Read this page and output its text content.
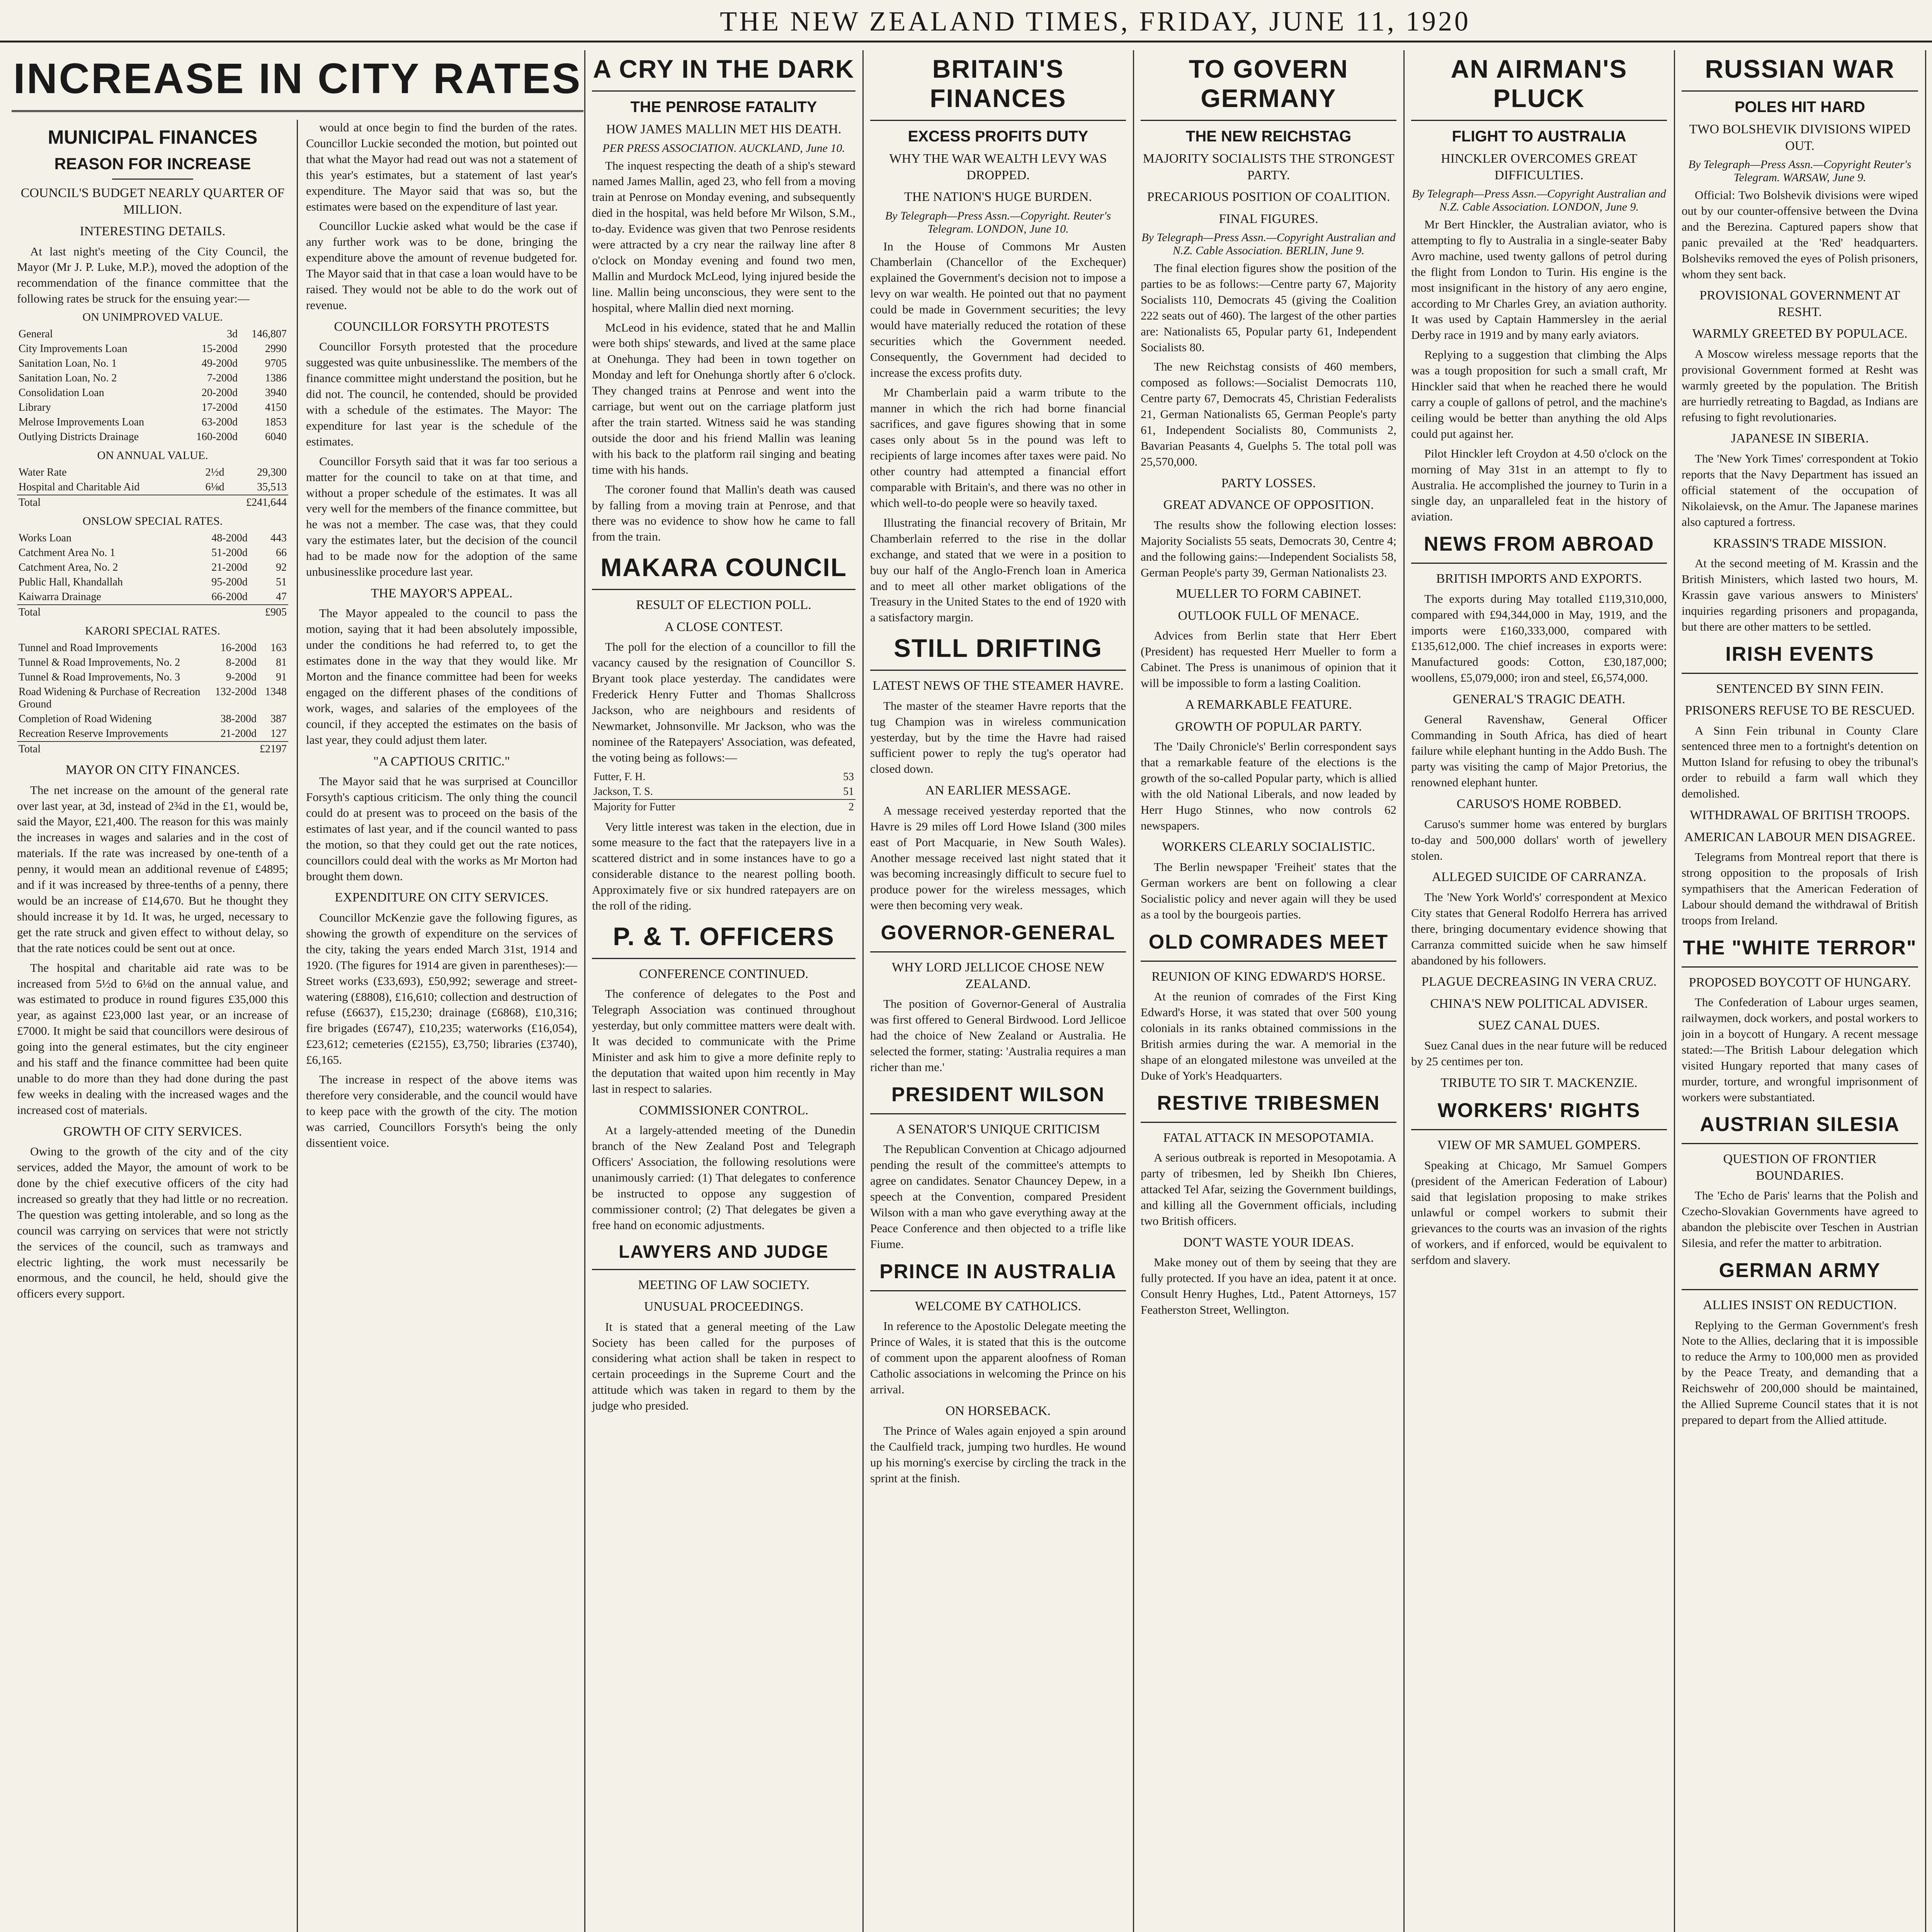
THE NEW ZEALAND TIMES, FRIDAY, JUNE 11, 1920
INCREASE IN CITY RATES
MUNICIPAL FINANCES
REASON FOR INCREASE
COUNCIL'S BUDGET NEARLY QUARTER OF MILLION.
INTERESTING DETAILS.

At last night's meeting of the City Council, the Mayor (Mr J. P. Luke, M.P.), moved the adoption of the recommendation of the finance committee that the following rates be struck for the ensuing year:—

ON UNIMPROVED VALUE.
General	3d	146,807
City Improvements Loan	15-200d	2990
Sanitation Loan, No. 1	49-200d	9705
Sanitation Loan, No. 2	7-200d	1386
Consolidation Loan	20-200d	3940
Library	17-200d	4150
Melrose Improvements Loan	63-200d	1853
Outlying Districts Drainage	160-200d	6040
ON ANNUAL VALUE.
Water Rate	2½d	29,300
Hospital and Charitable Aid	6⅛d	35,513
Total		£241,644
ONSLOW SPECIAL RATES.
Works Loan	48-200d	443
Catchment Area No. 1	51-200d	66
Catchment Area, No. 2	21-200d	92
Public Hall, Khandallah	95-200d	51
Kaiwarra Drainage	66-200d	47
Total		£905
KARORI SPECIAL RATES.
Tunnel and Road Improvements	16-200d	163
Tunnel & Road Improvements, No. 2	8-200d	81
Tunnel & Road Improvements, No. 3	9-200d	91
Road Widening & Purchase of Recreation Ground	132-200d	1348
Completion of Road Widening	38-200d	387
Recreation Reserve Improvements	21-200d	127
Total		£2197
MAYOR ON CITY FINANCES.

The net increase on the amount of the general rate over last year, at 3d, instead of 2¾d in the £1, would be, said the Mayor, £21,400. The reason for this was mainly the increases in wages and salaries and in the cost of materials. If the rate was increased by one-tenth of a penny, it would mean an additional revenue of £4895; and if it was increased by three-tenths of a penny, there would be an increase of £14,670. But he thought they should increase it by 1d. It was, he urged, necessary to get the rate struck and given effect to without delay, so that the rate notices could be sent out at once.

The hospital and charitable aid rate was to be increased from 5½d to 6⅛d on the annual value, and was estimated to produce in round figures £35,000 this year, as against £23,000 last year, or an increase of £7000. It might be said that councillors were desirous of going into the general estimates, but the city engineer and his staff and the finance committee had been quite unable to do more than they had done during the past few weeks in dealing with the increased wages and the increased cost of materials.

GROWTH OF CITY SERVICES.

Owing to the growth of the city and of the city services, added the Mayor, the amount of work to be done by the chief executive officers of the city had increased so greatly that they had little or no recreation. The question was getting intolerable, and so long as the council was carrying on services that were not strictly the services of the council, such as tramways and electric lighting, the work must necessarily be enormous, and the council, he held, should give the officers every support.

would at once begin to find the burden of the rates. Councillor Luckie seconded the motion, but pointed out that what the Mayor had read out was not a statement of this year's estimates, but a statement of last year's expenditure. The Mayor said that was so, but the estimates were based on the expenditure of last year.

Councillor Luckie asked what would be the case if any further work was to be done, bringing the expenditure above the amount of revenue budgeted for. The Mayor said that in that case a loan would have to be raised. They would not be able to do the work out of revenue.

COUNCILLOR FORSYTH PROTESTS

Councillor Forsyth protested that the procedure suggested was quite unbusinesslike. The members of the finance committee might understand the position, but he did not. The council, he contended, should be provided with a schedule of the estimates. The Mayor: The expenditure for last year is the schedule of the estimates.

Councillor Forsyth said that it was far too serious a matter for the council to take on at that time, and without a proper schedule of the estimates. It was all very well for the members of the finance committee, but he was not a member. The case was, that they could vary the estimates later, but the decision of the council had to be made now for the adoption of the same unbusinesslike procedure last year.

THE MAYOR'S APPEAL.

The Mayor appealed to the council to pass the motion, saying that it had been absolutely impossible, under the conditions he had referred to, to get the estimates done in the way that they would like. Mr Morton and the finance committee had been for weeks engaged on the different phases of the conditions of work, wages, and salaries of the employees of the council, if they accepted the estimates on the basis of last year, they could adjust them later.

"A CAPTIOUS CRITIC."

The Mayor said that he was surprised at Councillor Forsyth's captious criticism. The only thing the council could do at present was to proceed on the basis of the estimates of last year, and if the council wanted to pass the motion, so that they could get out the rate notices, councillors could deal with the works as Mr Morton had brought them down.

EXPENDITURE ON CITY SERVICES.

Councillor McKenzie gave the following figures, as showing the growth of expenditure on the services of the city, taking the years ended March 31st, 1914 and 1920. (The figures for 1914 are given in parentheses):—Street works (£33,693), £50,992; sewerage and street-watering (£8808), £16,610; collection and destruction of refuse (£6637), £15,230; drainage (£6868), £10,316; fire brigades (£6747), £10,235; waterworks (£16,054), £23,612; cemeteries (£2155), £3,750; libraries (£3740), £6,165.

The increase in respect of the above items was therefore very considerable, and the council would have to keep pace with the growth of the city. The motion was carried, Councillors Forsyth's being the only dissentient voice.

A CRY IN THE DARK
THE PENROSE FATALITY
HOW JAMES MALLIN MET HIS DEATH.
PER PRESS ASSOCIATION. AUCKLAND, June 10.

The inquest respecting the death of a ship's steward named James Mallin, aged 23, who fell from a moving train at Penrose on Monday evening, and subsequently died in the hospital, was held before Mr Wilson, S.M., to-day. Evidence was given that two Penrose residents were attracted by a cry near the railway line after 8 o'clock on Monday evening and found two men, Mallin and Murdock McLeod, lying injured beside the line. Mallin being unconscious, they were sent to the hospital, where Mallin died next morning.

McLeod in his evidence, stated that he and Mallin were both ships' stewards, and lived at the same place at Onehunga. They had been in town together on Monday and left for Onehunga shortly after 6 o'clock. They changed trains at Penrose and went into the carriage, but went out on the carriage platform just after the train started. Witness said he was standing outside the door and his friend Mallin was leaning with his back to the platform rail singing and beating time with his hands.

The coroner found that Mallin's death was caused by falling from a moving train at Penrose, and that there was no evidence to show how he came to fall from the train.

MAKARA COUNCIL
RESULT OF ELECTION POLL.
A CLOSE CONTEST.

The poll for the election of a councillor to fill the vacancy caused by the resignation of Councillor S. Bryant took place yesterday. The candidates were Frederick Henry Futter and Thomas Shallcross Jackson, who are neighbours and residents of Newmarket, Johnsonville. Mr Jackson, who was the nominee of the Ratepayers' Association, was defeated, the voting being as follows:—

Futter, F. H.	53
Jackson, T. S.	51
Majority for Futter	2

Very little interest was taken in the election, due in some measure to the fact that the ratepayers live in a scattered district and in some instances have to go a considerable distance to the nearest polling booth. Approximately five or six hundred ratepayers are on the roll of the riding.

P. & T. OFFICERS
CONFERENCE CONTINUED.

The conference of delegates to the Post and Telegraph Association was continued throughout yesterday, but only committee matters were dealt with. It was decided to communicate with the Prime Minister and ask him to give a more definite reply to the deputation that waited upon him recently in May last in respect to salaries.

COMMISSIONER CONTROL.

At a largely-attended meeting of the Dunedin branch of the New Zealand Post and Telegraph Officers' Association, the following resolutions were unanimously carried: (1) That delegates to conference be instructed to oppose any suggestion of commissioner control; (2) That delegates be given a free hand on economic adjustments.

LAWYERS AND JUDGE
MEETING OF LAW SOCIETY.
UNUSUAL PROCEEDINGS.

It is stated that a general meeting of the Law Society has been called for the purposes of considering what action shall be taken in respect to certain proceedings in the Supreme Court and the attitude which was taken in regard to them by the judge who presided.

BRITAIN'S FINANCES
EXCESS PROFITS DUTY
WHY THE WAR WEALTH LEVY WAS DROPPED.
THE NATION'S HUGE BURDEN.
By Telegraph—Press Assn.—Copyright. Reuter's Telegram. LONDON, June 10.

In the House of Commons Mr Austen Chamberlain (Chancellor of the Exchequer) explained the Government's decision not to impose a levy on war wealth. He pointed out that no payment could be made in Government securities; the levy would have materially reduced the rotation of these securities which the Government needed. Consequently, the Government had decided to increase the excess profits duty.

Mr Chamberlain paid a warm tribute to the manner in which the rich had borne financial sacrifices, and gave figures showing that in some cases only about 5s in the pound was left to recipients of large incomes after taxes were paid. No other country had attempted a financial effort comparable with Britain's, and there was no other in which well-to-do people were so heavily taxed.

Illustrating the financial recovery of Britain, Mr Chamberlain referred to the rise in the dollar exchange, and stated that we were in a position to buy our half of the Anglo-French loan in America and to meet all other market obligations of the Treasury in the United States to the end of 1920 with a satisfactory margin.

STILL DRIFTING
LATEST NEWS OF THE STEAMER HAVRE.

The master of the steamer Havre reports that the tug Champion was in wireless communication yesterday, but by the time the Havre had raised sufficient power to reply the tug's operator had closed down.

AN EARLIER MESSAGE.

A message received yesterday reported that the Havre is 29 miles off Lord Howe Island (300 miles east of Port Macquarie, in New South Wales). Another message received last night stated that it was becoming increasingly difficult to secure fuel to produce power for the wireless messages, which were then becoming very weak.

GOVERNOR-GENERAL
WHY LORD JELLICOE CHOSE NEW ZEALAND.

The position of Governor-General of Australia was first offered to General Birdwood. Lord Jellicoe had the choice of New Zealand or Australia. He selected the former, stating: 'Australia requires a man richer than me.'

PRESIDENT WILSON
A SENATOR'S UNIQUE CRITICISM

The Republican Convention at Chicago adjourned pending the result of the committee's attempts to agree on candidates. Senator Chauncey Depew, in a speech at the Convention, compared President Wilson with a man who gave everything away at the Peace Conference and then objected to a trifle like Fiume.

PRINCE IN AUSTRALIA
WELCOME BY CATHOLICS.

In reference to the Apostolic Delegate meeting the Prince of Wales, it is stated that this is the outcome of comment upon the apparent aloofness of Roman Catholic associations in welcoming the Prince on his arrival.

ON HORSEBACK.

The Prince of Wales again enjoyed a spin around the Caulfield track, jumping two hurdles. He wound up his morning's exercise by circling the track in the sprint at the finish.

TO GOVERN GERMANY
THE NEW REICHSTAG
MAJORITY SOCIALISTS THE STRONGEST PARTY.
PRECARIOUS POSITION OF COALITION.
FINAL FIGURES.
By Telegraph—Press Assn.—Copyright Australian and N.Z. Cable Association. BERLIN, June 9.

The final election figures show the position of the parties to be as follows:—Centre party 67, Majority Socialists 110, Democrats 45 (giving the Coalition 222 seats out of 460). The largest of the other parties are: Nationalists 65, Popular party 61, Independent Socialists 80.

The new Reichstag consists of 460 members, composed as follows:—Socialist Democrats 110, Centre party 67, Democrats 45, Christian Federalists 21, German Nationalists 65, German People's party 61, Independent Socialists 80, Communists 2, Bavarian Peasants 4, Guelphs 5. The total poll was 25,570,000.

PARTY LOSSES.
GREAT ADVANCE OF OPPOSITION.

The results show the following election losses: Majority Socialists 55 seats, Democrats 30, Centre 4; and the following gains:—Independent Socialists 58, German People's party 39, German Nationalists 23.

MUELLER TO FORM CABINET.
OUTLOOK FULL OF MENACE.

Advices from Berlin state that Herr Ebert (President) has requested Herr Mueller to form a Cabinet. The Press is unanimous of opinion that it will be impossible to form a lasting Coalition.

A REMARKABLE FEATURE.
GROWTH OF POPULAR PARTY.

The 'Daily Chronicle's' Berlin correspondent says that a remarkable feature of the elections is the growth of the so-called Popular party, which is allied with the old National Liberals, and now leaded by Herr Hugo Stinnes, who now controls 62 newspapers.

WORKERS CLEARLY SOCIALISTIC.

The Berlin newspaper 'Freiheit' states that the German workers are bent on following a clear Socialistic policy and never again will they be used as a tool by the bourgeois parties.

OLD COMRADES MEET
REUNION OF KING EDWARD'S HORSE.

At the reunion of comrades of the First King Edward's Horse, it was stated that over 500 young colonials in its ranks obtained commissions in the British armies during the war. A memorial in the shape of an elongated milestone was unveiled at the Duke of York's Headquarters.

RESTIVE TRIBESMEN
FATAL ATTACK IN MESOPOTAMIA.

A serious outbreak is reported in Mesopotamia. A party of tribesmen, led by Sheikh Ibn Chieres, attacked Tel Afar, seizing the Government buildings, and killing all the Government officials, including two British officers.

DON'T WASTE YOUR IDEAS.

Make money out of them by seeing that they are fully protected. If you have an idea, patent it at once. Consult Henry Hughes, Ltd., Patent Attorneys, 157 Featherston Street, Wellington.

AN AIRMAN'S PLUCK
FLIGHT TO AUSTRALIA
HINCKLER OVERCOMES GREAT DIFFICULTIES.
By Telegraph—Press Assn.—Copyright Australian and N.Z. Cable Association. LONDON, June 9.

Mr Bert Hinckler, the Australian aviator, who is attempting to fly to Australia in a single-seater Baby Avro machine, used twenty gallons of petrol during the flight from London to Turin. His engine is the most insignificant in the history of any aero engine, according to Mr Charles Grey, an aviation authority. It was used by Captain Hammersley in the aerial Derby race in 1919 and by many early aviators.

Replying to a suggestion that climbing the Alps was a tough proposition for such a small craft, Mr Hinckler said that when he reached there he would carry a couple of gallons of petrol, and the machine's ceiling would be better than anything the old Alps could put against her.

Pilot Hinckler left Croydon at 4.50 o'clock on the morning of May 31st in an attempt to fly to Australia. He accomplished the journey to Turin in a single day, an unparalleled feat in the history of aviation.

NEWS FROM ABROAD
BRITISH IMPORTS AND EXPORTS.

The exports during May totalled £119,310,000, compared with £94,344,000 in May, 1919, and the imports were £160,333,000, compared with £135,612,000. The chief increases in exports were: Manufactured goods: Cotton, £30,187,000; woollens, £5,079,000; iron and steel, £6,574,000.

GENERAL'S TRAGIC DEATH.

General Ravenshaw, General Officer Commanding in South Africa, has died of heart failure while elephant hunting in the Addo Bush. The party was visiting the camp of Major Pretorius, the renowned elephant hunter.

CARUSO'S HOME ROBBED.

Caruso's summer home was entered by burglars to-day and 500,000 dollars' worth of jewellery stolen.

ALLEGED SUICIDE OF CARRANZA.

The 'New York World's' correspondent at Mexico City states that General Rodolfo Herrera has arrived there, bringing documentary evidence showing that Carranza committed suicide when he saw himself abandoned by his followers.

PLAGUE DECREASING IN VERA CRUZ.
CHINA'S NEW POLITICAL ADVISER.
SUEZ CANAL DUES.

Suez Canal dues in the near future will be reduced by 25 centimes per ton.

TRIBUTE TO SIR T. MACKENZIE.
WORKERS' RIGHTS
VIEW OF MR SAMUEL GOMPERS.

Speaking at Chicago, Mr Samuel Gompers (president of the American Federation of Labour) said that legislation proposing to make strikes unlawful or compel workers to submit their grievances to the courts was an invasion of the rights of workers, and if enforced, would be equivalent to serfdom and slavery.

RUSSIAN WAR
POLES HIT HARD
TWO BOLSHEVIK DIVISIONS WIPED OUT.
By Telegraph—Press Assn.—Copyright Reuter's Telegram. WARSAW, June 9.

Official: Two Bolshevik divisions were wiped out by our counter-offensive between the Dvina and the Berezina. Captured papers show that panic prevailed at the 'Red' headquarters. Bolsheviks removed the eyes of Polish prisoners, whom they sent back.

PROVISIONAL GOVERNMENT AT RESHT.
WARMLY GREETED BY POPULACE.

A Moscow wireless message reports that the provisional Government formed at Resht was warmly greeted by the population. The British are hurriedly retreating to Bagdad, as Indians are refusing to fight revolutionaries.

JAPANESE IN SIBERIA.

The 'New York Times' correspondent at Tokio reports that the Navy Department has issued an official statement of the occupation of Nikolaievsk, on the Amur. The Japanese marines also captured a fortress.

KRASSIN'S TRADE MISSION.

At the second meeting of M. Krassin and the British Ministers, which lasted two hours, M. Krassin gave various answers to Ministers' inquiries regarding prisoners and propaganda, but there are other matters to be settled.

IRISH EVENTS
SENTENCED BY SINN FEIN.
PRISONERS REFUSE TO BE RESCUED.

A Sinn Fein tribunal in County Clare sentenced three men to a fortnight's detention on Mutton Island for refusing to obey the tribunal's order to rebuild a farm wall which they demolished.

WITHDRAWAL OF BRITISH TROOPS.
AMERICAN LABOUR MEN DISAGREE.

Telegrams from Montreal report that there is strong opposition to the proposals of Irish sympathisers that the American Federation of Labour should demand the withdrawal of British troops from Ireland.

THE "WHITE TERROR"
PROPOSED BOYCOTT OF HUNGARY.

The Confederation of Labour urges seamen, railwaymen, dock workers, and postal workers to join in a boycott of Hungary. A recent message stated:—The British Labour delegation which visited Hungary reported that many cases of murder, torture, and wrongful imprisonment of workers were substantiated.

AUSTRIAN SILESIA
QUESTION OF FRONTIER BOUNDARIES.

The 'Echo de Paris' learns that the Polish and Czecho-Slovakian Governments have agreed to abandon the plebiscite over Teschen in Austrian Silesia, and refer the matter to arbitration.

GERMAN ARMY
ALLIES INSIST ON REDUCTION.

Replying to the German Government's fresh Note to the Allies, declaring that it is impossible to reduce the Army to 100,000 men as provided by the Peace Treaty, and demanding that a Reichswehr of 200,000 should be maintained, the Allied Supreme Council states that it is not prepared to depart from the Allied attitude.
